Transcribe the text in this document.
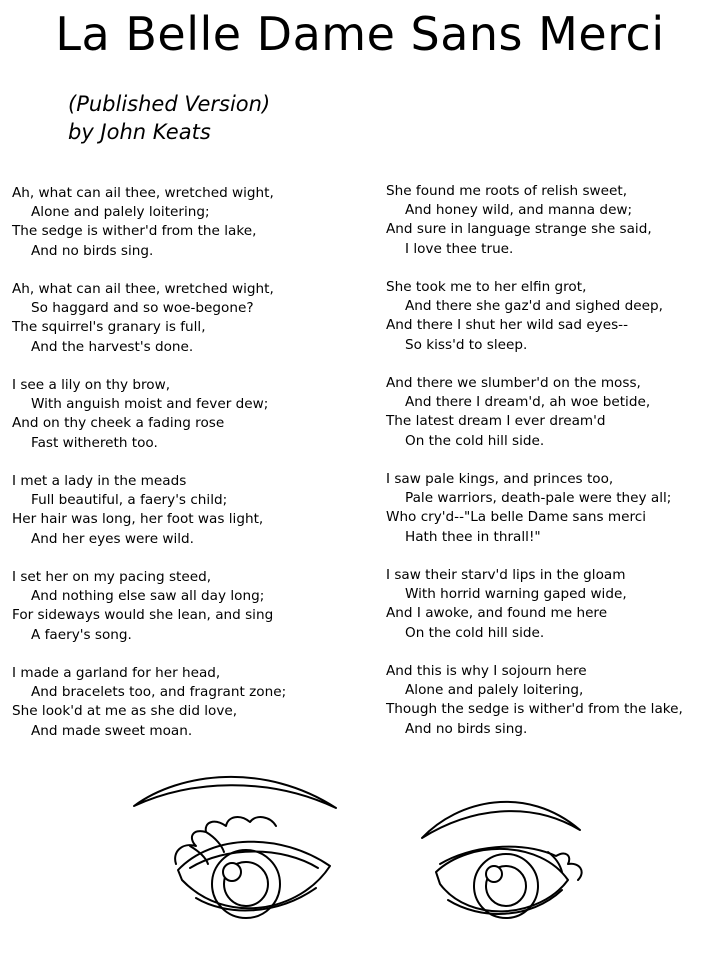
La Belle Dame Sans Merci
(Published Version)
by John Keats
Ah, what can ail thee, wretched wight,
Alone and palely loitering;
The sedge is wither'd from the lake,
And no birds sing.
Ah, what can ail thee, wretched wight,
So haggard and so woe-begone?
The squirrel's granary is full,
And the harvest's done.
I see a lily on thy brow,
With anguish moist and fever dew;
And on thy cheek a fading rose
Fast withereth too.
I met a lady in the meads
Full beautiful, a faery's child;
Her hair was long, her foot was light,
And her eyes were wild.
I set her on my pacing steed,
And nothing else saw all day long;
For sideways would she lean, and sing
A faery's song.
I made a garland for her head,
And bracelets too, and fragrant zone;
She look'd at me as she did love,
And made sweet moan.
She found me roots of relish sweet,
And honey wild, and manna dew;
And sure in language strange she said,
I love thee true.
She took me to her elfin grot,
And there she gaz'd and sighed deep,
And there I shut her wild sad eyes--
So kiss'd to sleep.
And there we slumber'd on the moss,
And there I dream'd, ah woe betide,
The latest dream I ever dream'd
On the cold hill side.
I saw pale kings, and princes too,
Pale warriors, death-pale were they all;
Who cry'd--"La belle Dame sans merci
Hath thee in thrall!"
I saw their starv'd lips in the gloam
With horrid warning gaped wide,
And I awoke, and found me here
On the cold hill side.
And this is why I sojourn here
Alone and palely loitering,
Though the sedge is wither'd from the lake,
And no birds sing.
